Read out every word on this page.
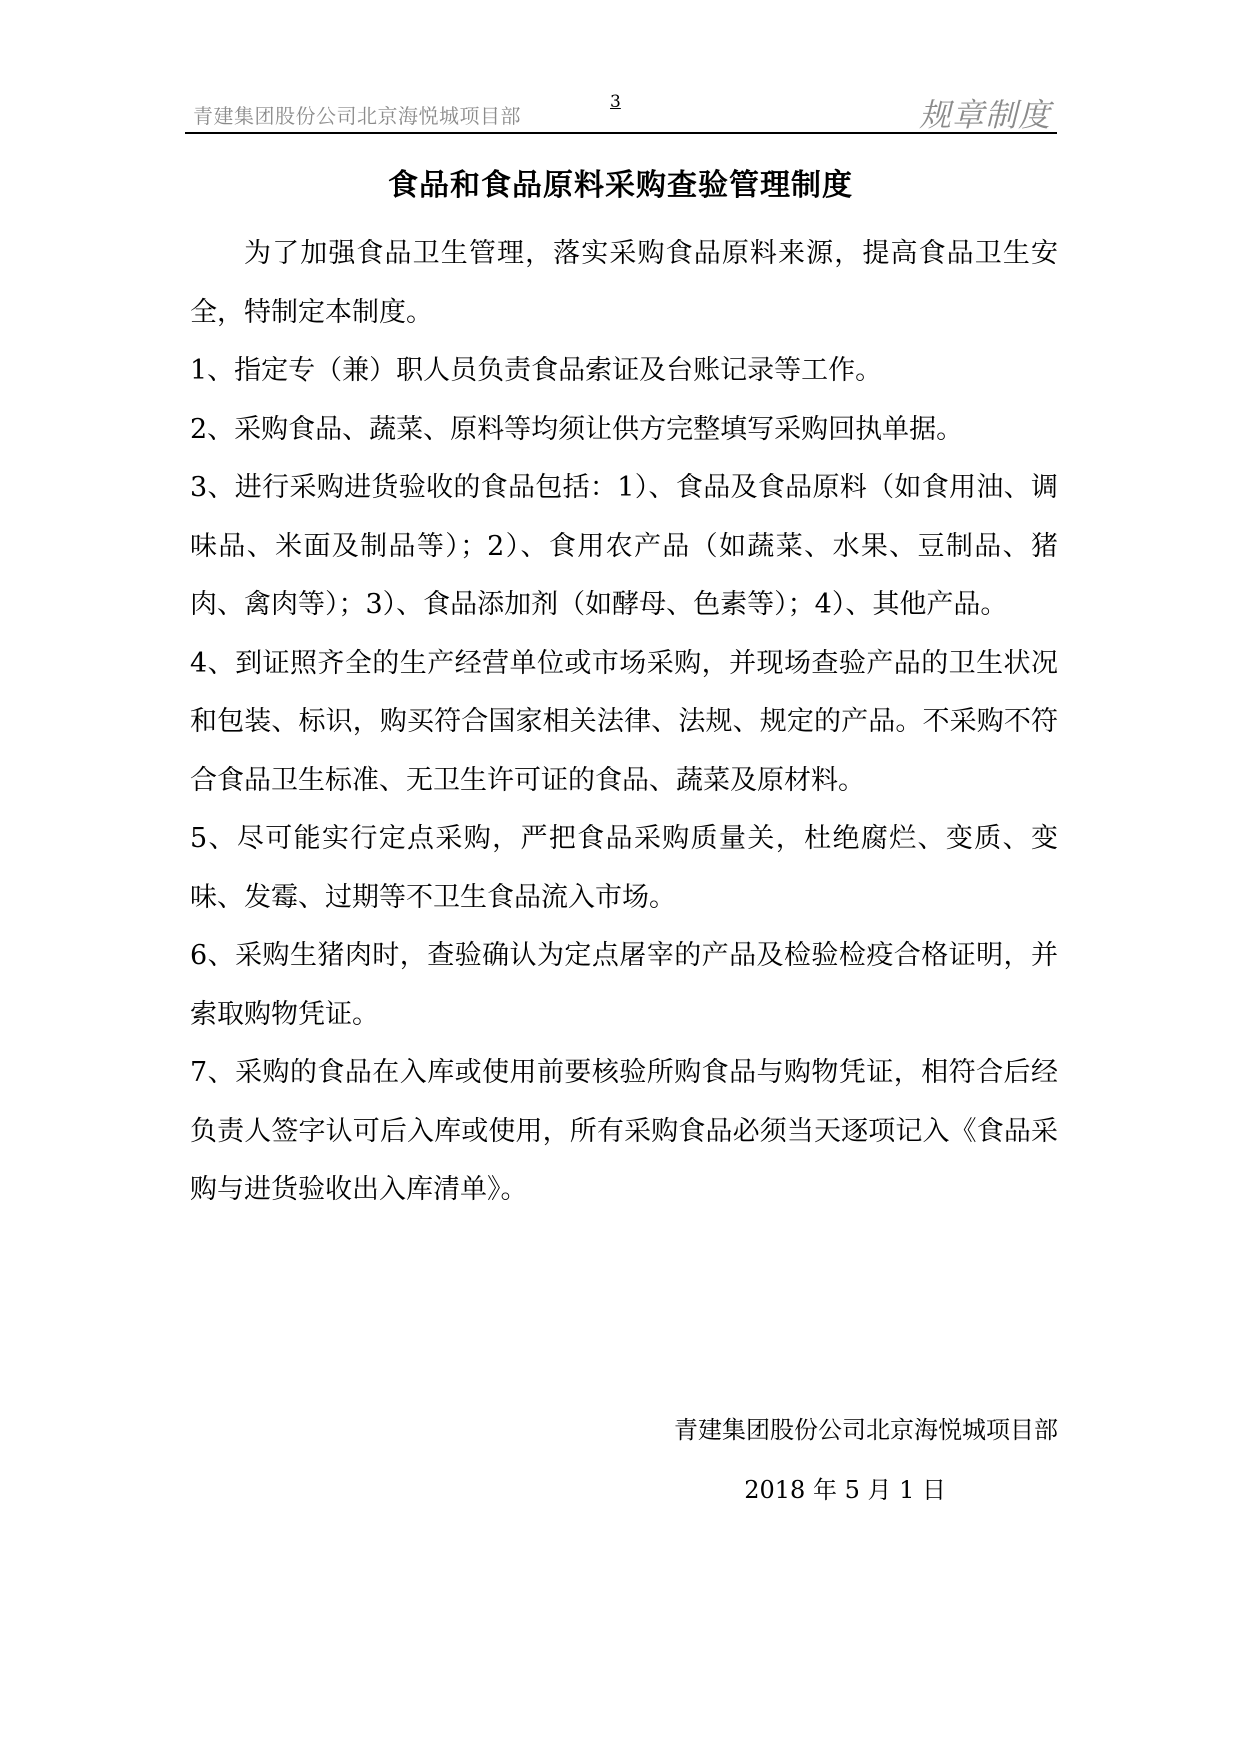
青建集团股份公司北京海悦城项目部
3	规章制度
食品和食品原料采购查验管理制度

为了加强食品卫生管理，落实采购食品原料来源，提高食品卫生安全，特制定本制度。

1、指定专（兼）职人员负责食品索证及台账记录等工作。

2、采购食品、蔬菜、原料等均须让供方完整填写采购回执单据。

3、进行采购进货验收的食品包括：1）、食品及食品原料（如食用油、调味品、米面及制品等）；2）、食用农产品（如蔬菜、水果、豆制品、猪肉、禽肉等）；3）、食品添加剂（如酵母、色素等）；4）、其他产品。

4、到证照齐全的生产经营单位或市场采购，并现场查验产品的卫生状况和包装、标识，购买符合国家相关法律、法规、规定的产品。不采购不符合食品卫生标准、无卫生许可证的食品、蔬菜及原材料。

5、尽可能实行定点采购，严把食品采购质量关，杜绝腐烂、变质、变味、发霉、过期等不卫生食品流入市场。

6、采购生猪肉时，查验确认为定点屠宰的产品及检验检疫合格证明，并索取购物凭证。

7、采购的食品在入库或使用前要核验所购食品与购物凭证，相符合后经负责人签字认可后入库或使用，所有采购食品必须当天逐项记入《食品采购与进货验收出入库清单》。

青建集团股份公司北京海悦城项目部
2018 年 5 月 1 日
